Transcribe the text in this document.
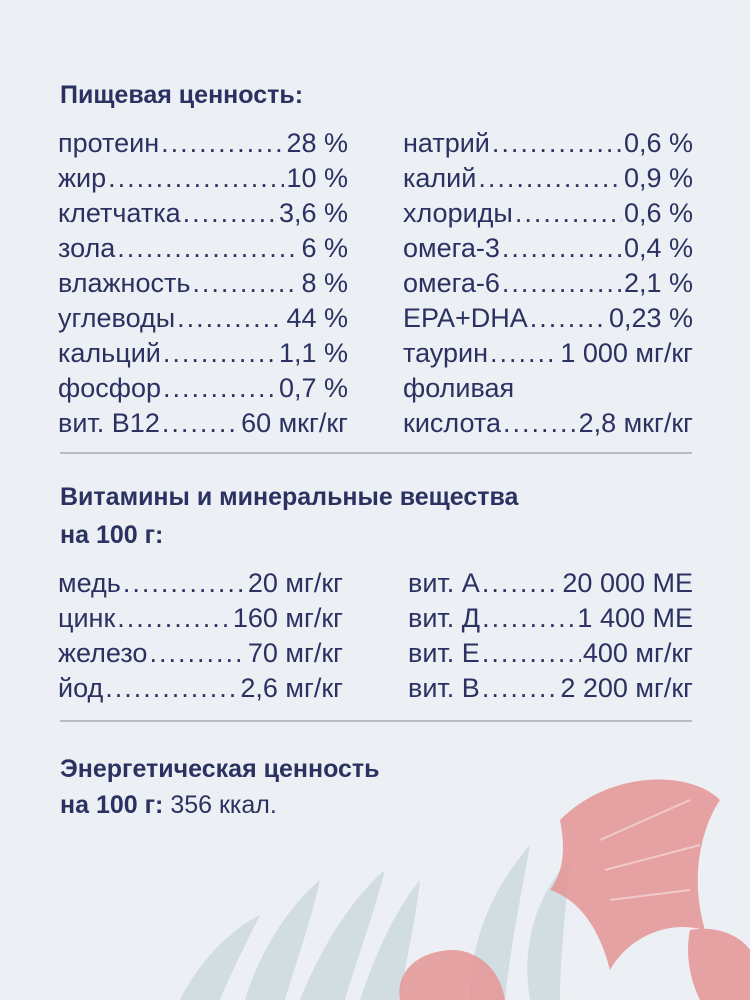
Пищевая ценность:
протеин .....	28 %
жир .....	10 %
клетчатка .....	3,6 %
зола .....	6 %
влажность .....	8 %
углеводы .....	44 %
кальций .....	1,1 %
фосфор .....	0,7 %
вит. B12 .....	60 мкг/кг
натрий .....	0,6 %
калий .....	0,9 %
хлориды .....	0,6 %
омега-3 .....	0,4 %
омега-6 .....	2,1 %
EPA+DHA .....	0,23 %
таурин .....	1 000 мг/кг
фоливая
кислота .....	2,8 мкг/кг
Витамины и минеральные вещества
на 100 г:
медь .....	20 мг/кг
цинк .....	160 мг/кг
железо .....	70 мг/кг
йод .....	2,6 мг/кг
вит. A .....	20 000 МЕ
вит. Д .....	1 400 МЕ
вит. E .....	400 мг/кг
вит. B .....	2 200 мг/кг
Энергетическая ценность
на 100 г: 356 ккал.
